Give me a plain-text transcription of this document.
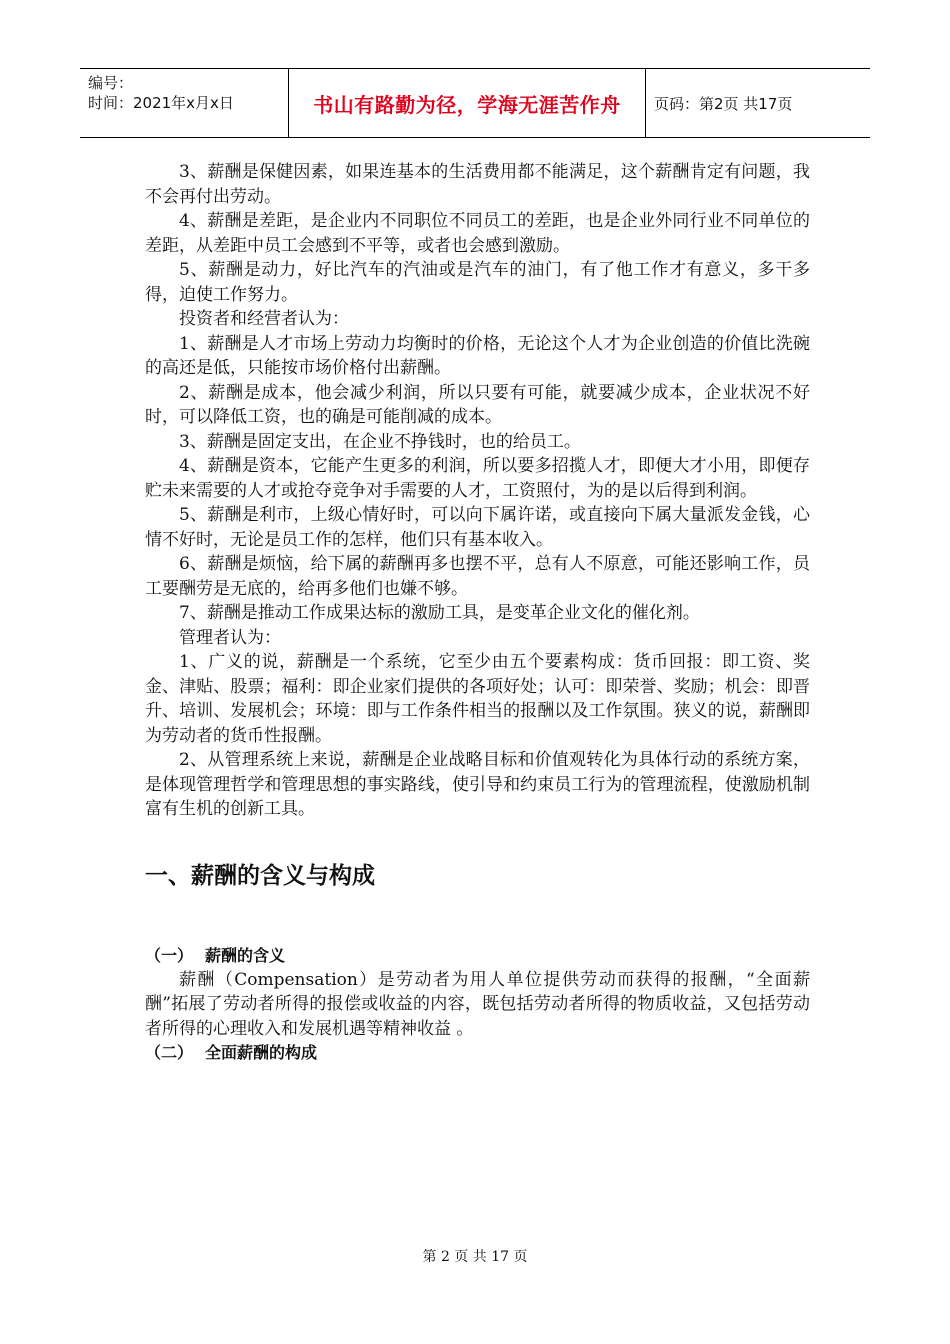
编号：
时间：2021年x月x日	书山有路勤为径，学海无涯苦作舟 页码：第2页 共17页

3、薪酬是保健因素，如果连基本的生活费用都不能满足，这个薪酬肯定有问题，我不会再付出劳动。

4、薪酬是差距，是企业内不同职位不同员工的差距，也是企业外同行业不同单位的差距，从差距中员工会感到不平等，或者也会感到激励。

5、薪酬是动力，好比汽车的汽油或是汽车的油门，有了他工作才有意义，多干多得，迫使工作努力。

投资者和经营者认为：

1、薪酬是人才市场上劳动力均衡时的价格，无论这个人才为企业创造的价值比洗碗的高还是低，只能按市场价格付出薪酬。

2、薪酬是成本，他会减少利润，所以只要有可能，就要减少成本，企业状况不好时，可以降低工资，也的确是可能削减的成本。

3、薪酬是固定支出，在企业不挣钱时，也的给员工。

4、薪酬是资本，它能产生更多的利润，所以要多招揽人才，即便大才小用，即便存贮未来需要的人才或抢夺竞争对手需要的人才，工资照付，为的是以后得到利润。

5、薪酬是利市，上级心情好时，可以向下属许诺，或直接向下属大量派发金钱，心情不好时，无论是员工作的怎样，他们只有基本收入。

6、薪酬是烦恼，给下属的薪酬再多也摆不平，总有人不原意，可能还影响工作，员工要酬劳是无底的，给再多他们也嫌不够。

7、薪酬是推动工作成果达标的激励工具，是变革企业文化的催化剂。

管理者认为：

1、广义的说，薪酬是一个系统，它至少由五个要素构成：货币回报：即工资、奖金、津贴、股票；福利：即企业家们提供的各项好处；认可：即荣誉、奖励；机会：即晋升、培训、发展机会；环境：即与工作条件相当的报酬以及工作氛围。狭义的说，薪酬即为劳动者的货币性报酬。

2、从管理系统上来说，薪酬是企业战略目标和价值观转化为具体行动的系统方案，是体现管理哲学和管理思想的事实路线，使引导和约束员工行为的管理流程，使激励机制富有生机的创新工具。

一、薪酬的含义与构成
（一） 薪酬的含义

薪酬（Compensation）是劳动者为用人单位提供劳动而获得的报酬，“全面薪酬”拓展了劳动者所得的报偿或收益的内容，既包括劳动者所得的物质收益，又包括劳动者所得的心理收入和发展机遇等精神收益 。

（二） 全面薪酬的构成
第 2 页 共 17 页
